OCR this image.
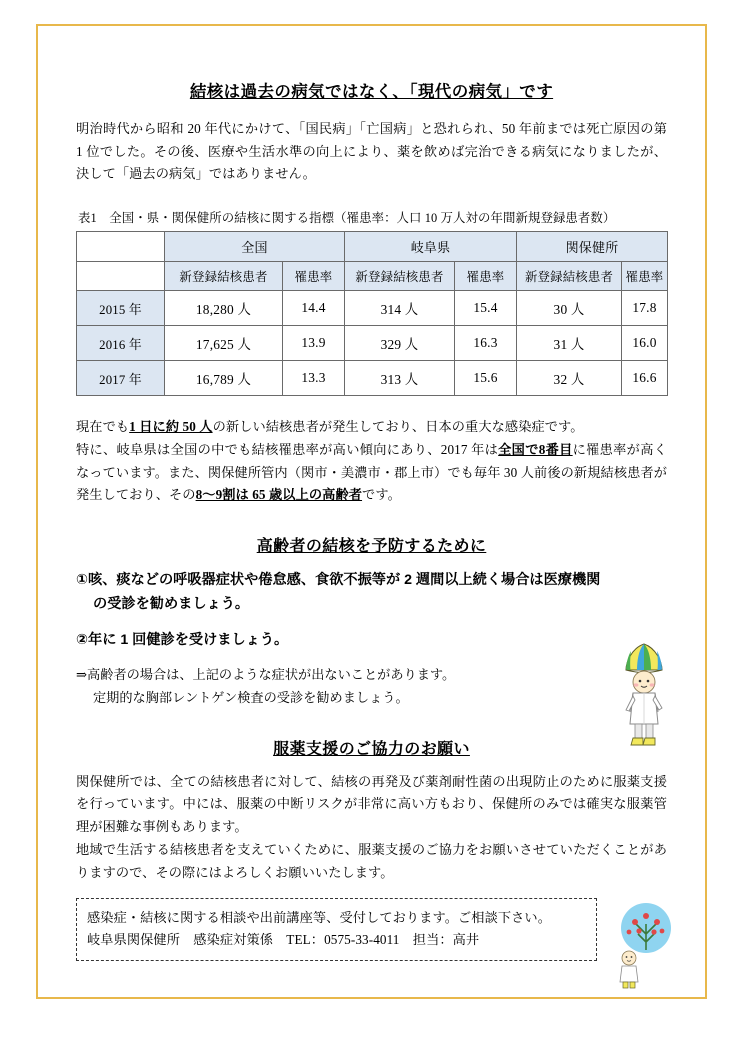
結核は過去の病気ではなく、「現代の病気」です

明治時代から昭和 20 年代にかけて、「国民病」「亡国病」と恐れられ、50 年前までは死亡原因の第 1 位でした。その後、医療や生活水準の向上により、薬を飲めば完治できる病気になりましたが、決して「過去の病気」ではありません。

表1　全国・県・関保健所の結核に関する指標（罹患率：人口 10 万人対の年間新規登録患者数）
	全国		岐阜県		関保健所	
	新登録結核患者	罹患率	新登録結核患者	罹患率	新登録結核患者	罹患率
2015 年	18,280 人	14.4	314 人	15.4	30 人	17.8
2016 年	17,625 人	13.9	329 人	16.3	31 人	16.0
2017 年	16,789 人	13.3	313 人	15.6	32 人	16.6

現在でも1 日に約 50 人の新しい結核患者が発生しており、日本の重大な感染症です。

特に、岐阜県は全国の中でも結核罹患率が高い傾向にあり、2017 年は全国で8番目に罹患率が高くなっています。また、関保健所管内（関市・美濃市・郡上市）でも毎年 30 人前後の新規結核患者が発生しており、その8～9割は 65 歳以上の高齢者です。

高齢者の結核を予防するために
①咳、痰などの呼吸器症状や倦怠感、食欲不振等が 2 週間以上続く場合は医療機関
の受診を勧めましょう。
②年に 1 回健診を受けましょう。

⇒高齢者の場合は、上記のような症状が出ないことがあります。

定期的な胸部レントゲン検査の受診を勧めましょう。

服薬支援のご協力のお願い

関保健所では、全ての結核患者に対して、結核の再発及び薬剤耐性菌の出現防止のために服薬支援を行っています。中には、服薬の中断リスクが非常に高い方もおり、保健所のみでは確実な服薬管理が困難な事例もあります。

地域で生活する結核患者を支えていくために、服薬支援のご協力をお願いさせていただくことがありますので、その際にはよろしくお願いいたします。

感染症・結核に関する相談や出前講座等、受付しております。ご相談下さい。

岐阜県関保健所　感染症対策係　TEL：0575-33-4011　担当：高井
